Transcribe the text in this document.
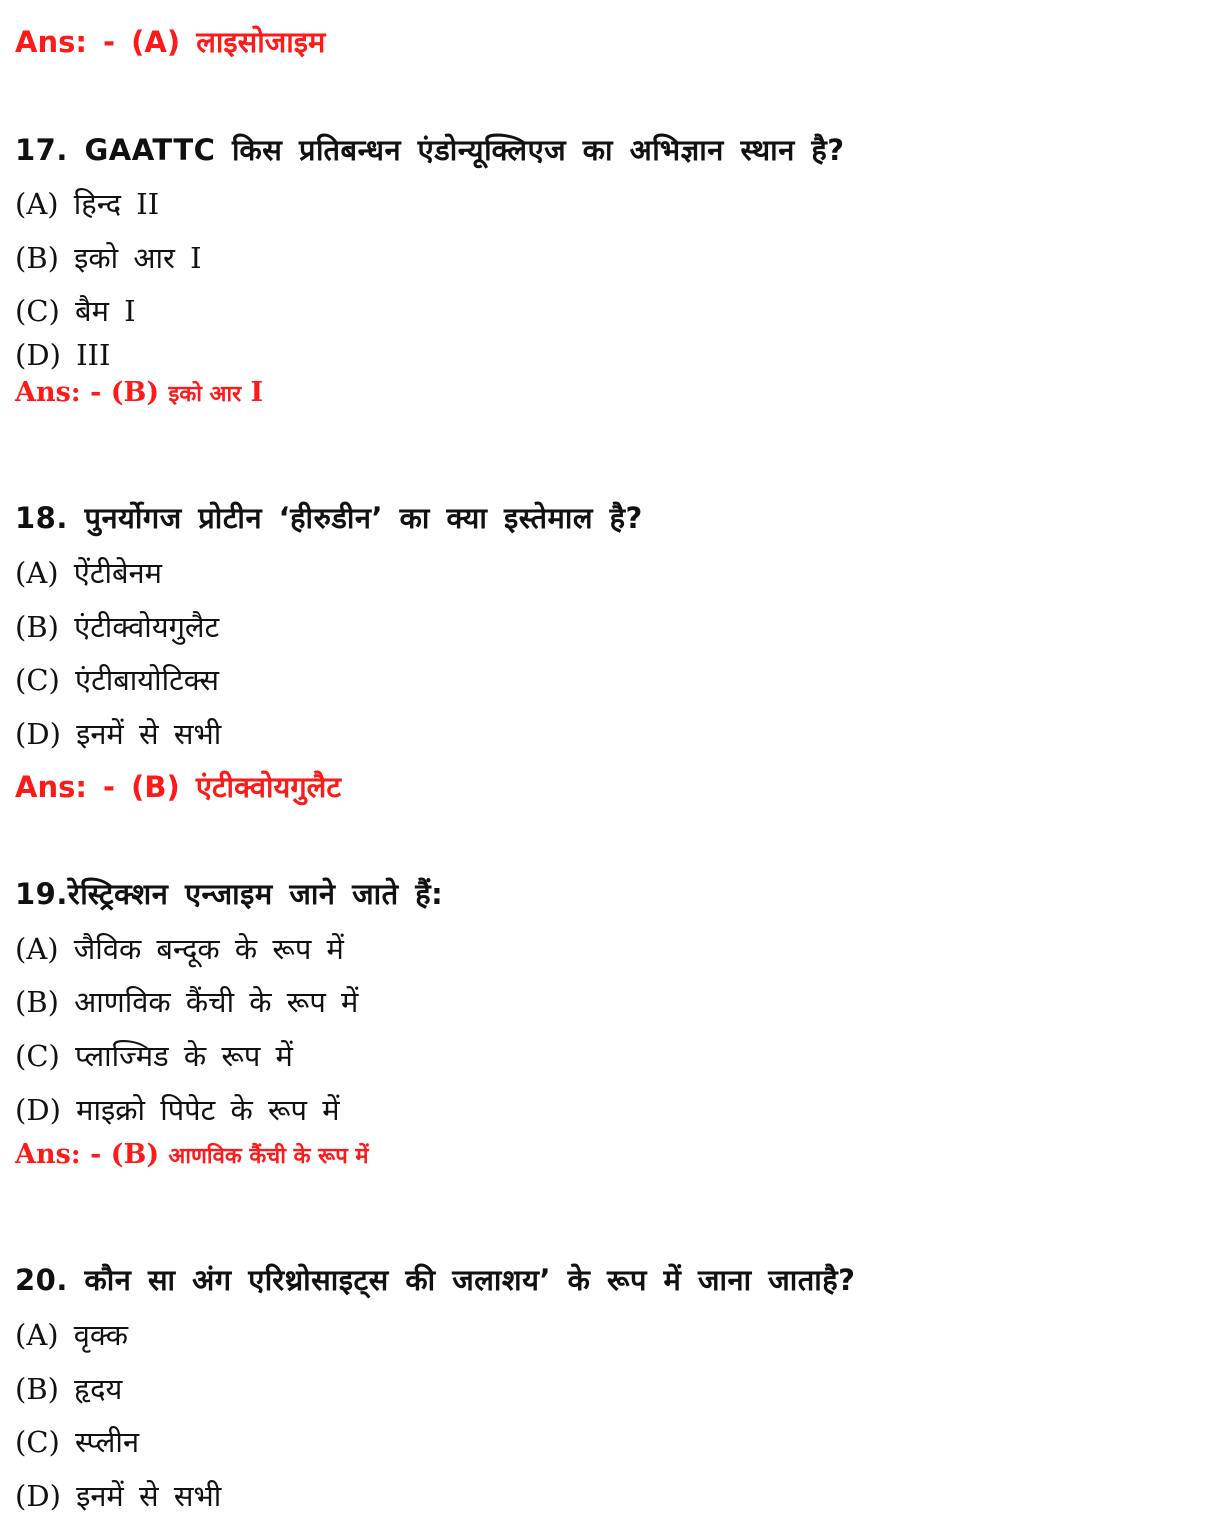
Ans: - (A) लाइसोजाइम
17. GAATTC किस प्रतिबन्धन एंडोन्यूक्लिएज का अभिज्ञान स्थान है?
(A) हिन्द II
(B) इको आर I
(C) बैम I
(D) III
Ans: - (B) इको आर I
18. पुनर्योगज प्रोटीन ‘हीरुडीन’ का क्या इस्तेमाल है?
(A) ऐंटीबेनम
(B) एंटीक्वोयगुलैट
(C) एंटीबायोटिक्स
(D) इनमें से सभी
Ans: - (B) एंटीक्वोयगुलैट
19.रेस्ट्रिक्शन एन्जाइम जाने जाते हैं:
(A) जैविक बन्दूक के रूप में
(B) आणविक कैंची के रूप में
(C) प्लाज्मिड के रूप में
(D) माइक्रो पिपेट के रूप में
Ans: - (B) आणविक कैंची के रूप में
20. कौन सा अंग एरिथ्रोसाइट्स की जलाशय’ के रूप में जाना जाताहै?
(A) वृक्क
(B) हृदय
(C) स्प्लीन
(D) इनमें से सभी
